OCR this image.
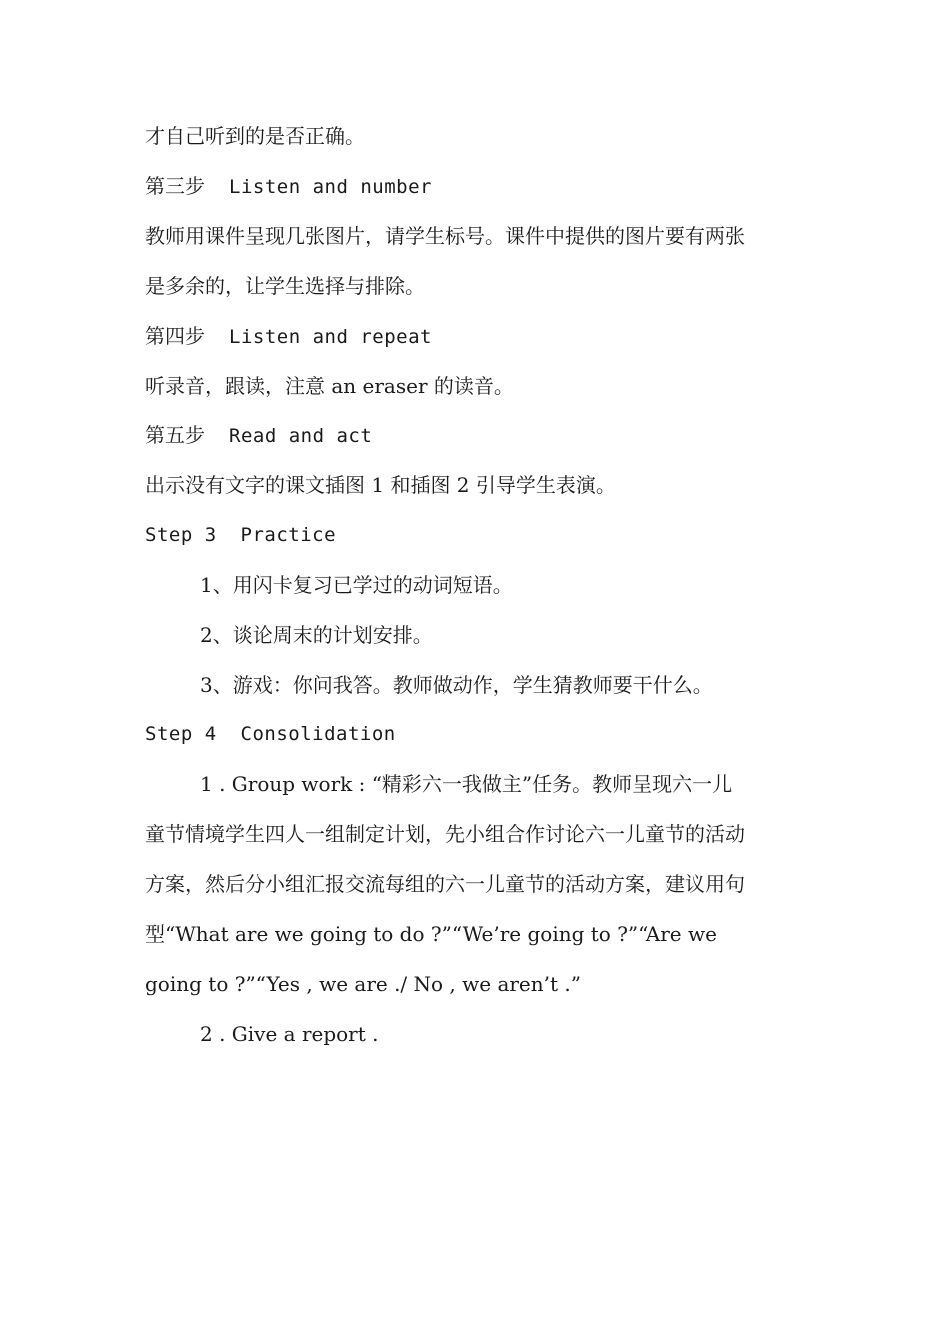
才自己听到的是否正确。
第三步 Listen and number
教师用课件呈现几张图片，请学生标号。课件中提供的图片要有两张
是多余的，让学生选择与排除。
第四步 Listen and repeat
听录音，跟读，注意 an eraser 的读音。
第五步 Read and act
出示没有文字的课文插图 1 和插图 2 引导学生表演。
Step 3 Practice
1、用闪卡复习已学过的动词短语。
2、谈论周末的计划安排。
3、游戏：你问我答。教师做动作，学生猜教师要干什么。
Step 4 Consolidation
1 . Group work : “精彩六一我做主”任务。教师呈现六一儿
童节情境学生四人一组制定计划，先小组合作讨论六一儿童节的活动
方案，然后分小组汇报交流每组的六一儿童节的活动方案，建议用句
型“What are we going to do ?”“We’re going to ?”“Are we
going to ?”“Yes , we are ./ No , we aren’t .”
2 . Give a report .
